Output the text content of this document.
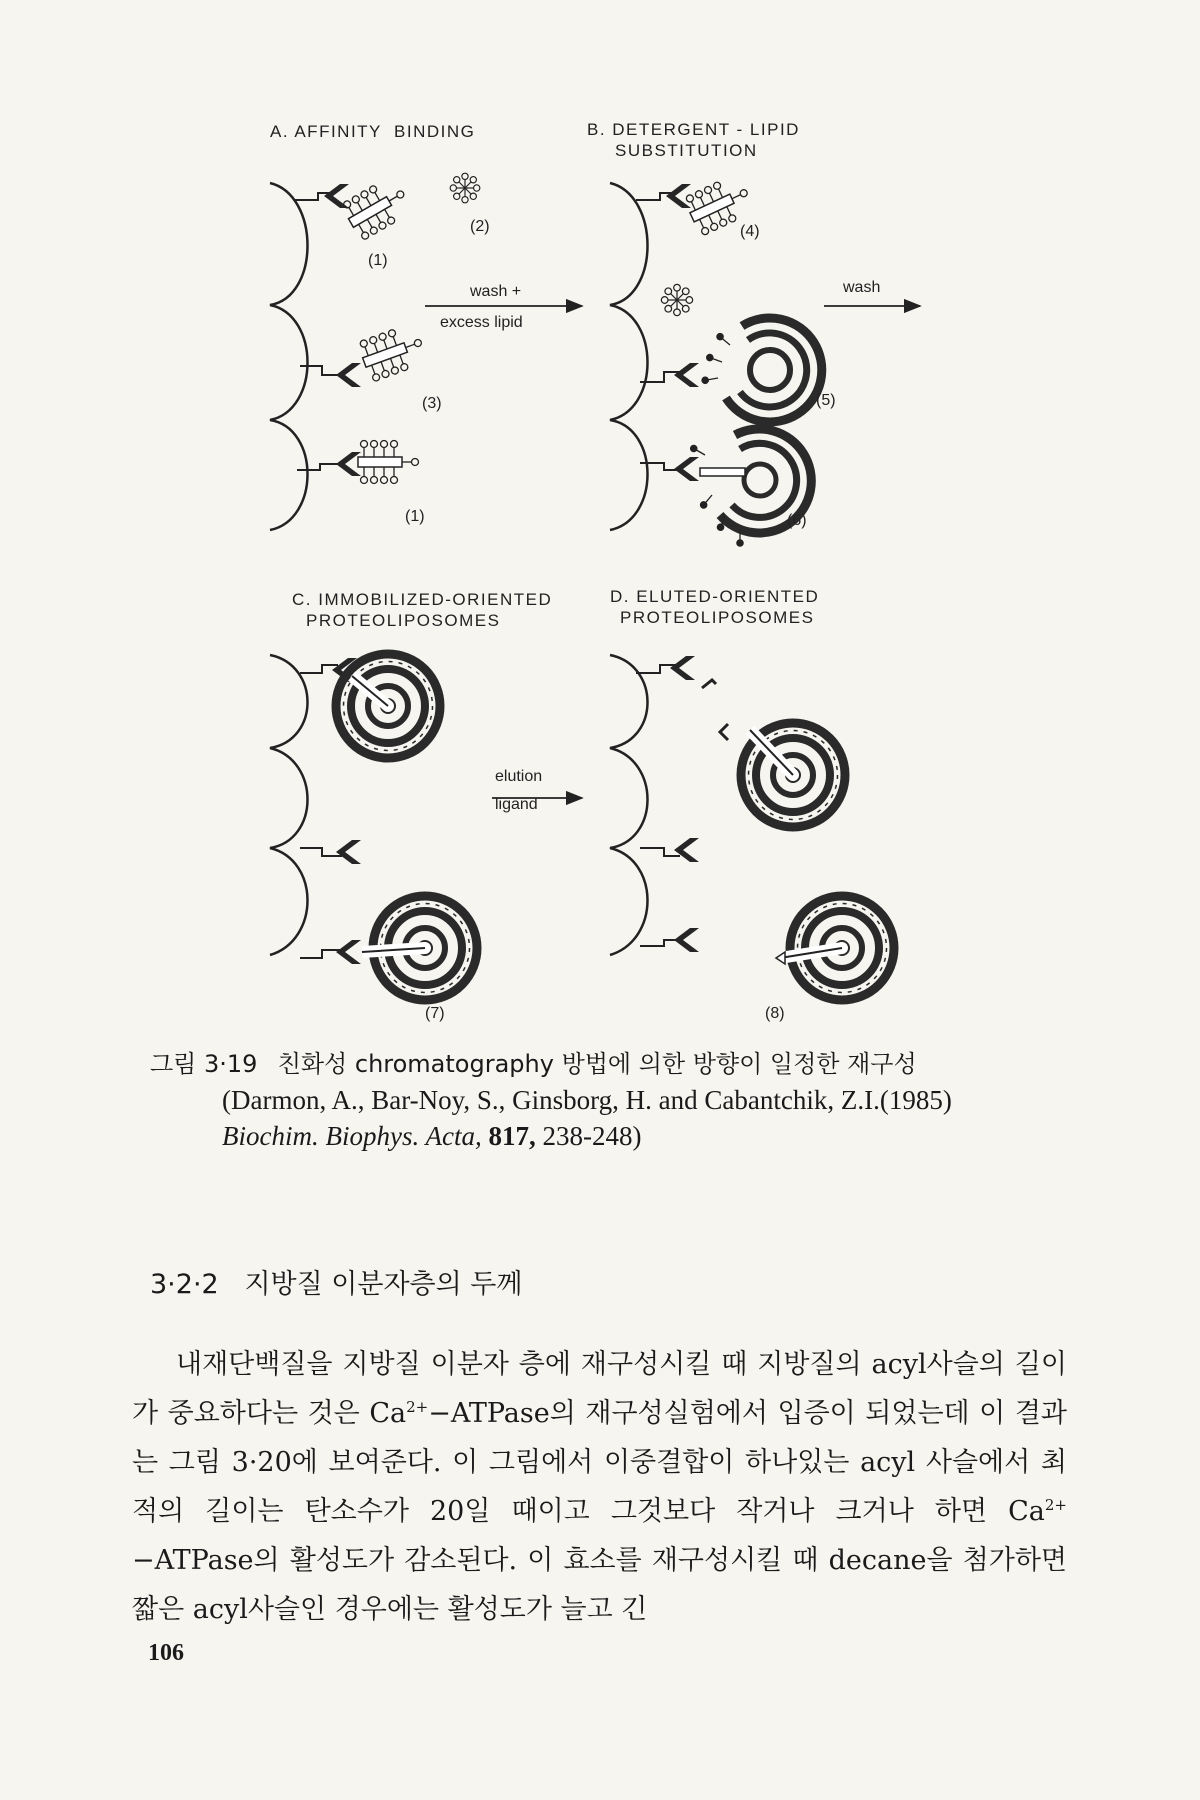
A. AFFINITY  BINDING	B. DETERGENT - LIPID
SUBSTITUTION
C. IMMOBILIZED-ORIENTED
PROTEOLIPOSOMES
D. ELUTED-ORIENTED
PROTEOLIPOSOMES
(1)
(2)
(3)
(1)
(4)
(5)
(6)
(7)	(8)
wash +
excess lipid
wash
elution
ligand
그림 3·19 친화성 chromatography 방법에 의한 방향이 일정한 재구성
(Darmon, A., Bar-Noy, S., Ginsborg, H. and Cabantchik, Z.I.(1985)
Biochim. Biophys. Acta, 817, 238-248)
3·2·2 지방질 이분자층의 두께
내재단백질을 지방질 이분자 층에 재구성시킬 때 지방질의 acyl사슬의 길이가 중요하다는 것은 $Ca^{2+}-ATPase$의 재구성실험에서 입증이 되었는데 이 결과는 그림 3·20에 보여준다. 이 그림에서 이중결합이 하나있는 acyl 사슬에서 최적의 길이는 탄소수가 20일 때이고 그것보다 작거나 크거나 하면 $Ca^{2+}-ATPase$의 활성도가 감소된다. 이 효소를 재구성시킬 때 decane을 첨가하면 짧은 acyl사슬인 경우에는 활성도가 늘고 긴
106
